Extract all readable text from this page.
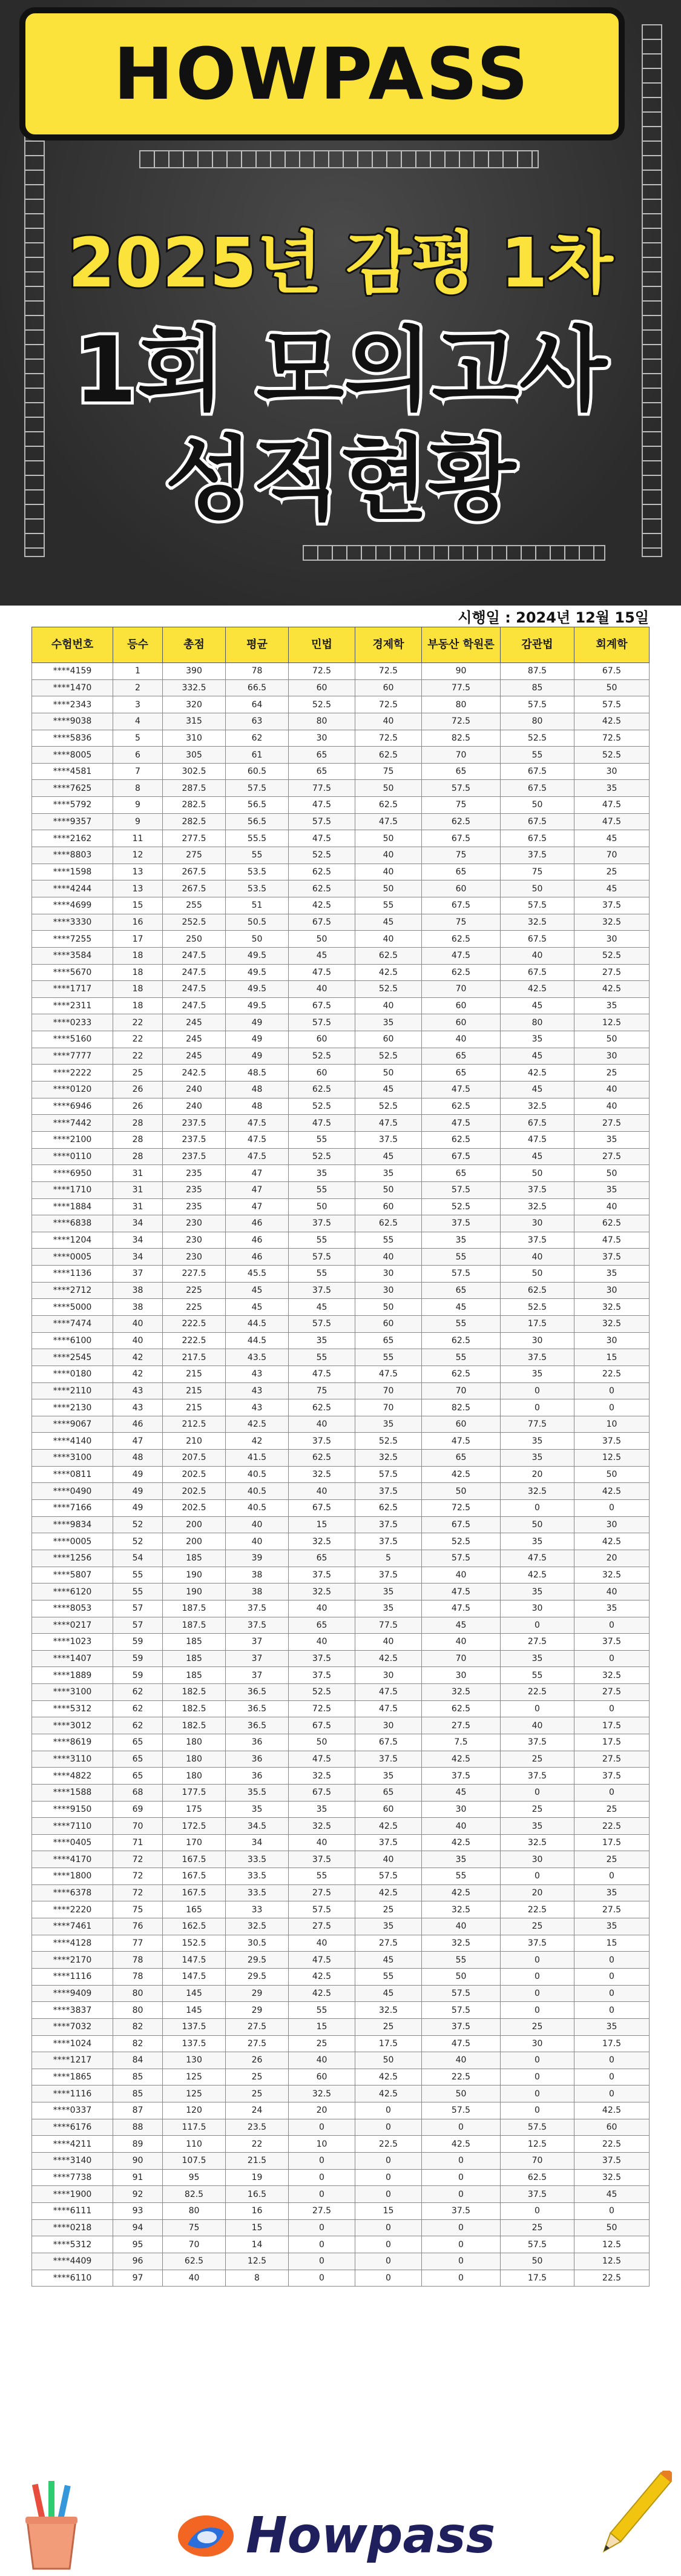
HOWPASS
2025년 감평 1차
1회 모의고사
성적현황
시행일 : 2024년 12월 15일
수험번호	등수	총점	평균	민법	경제학	부동산 학원론	감관법	회계학
****4159	1	390	78	72.5	72.5	90	87.5	67.5
****1470	2	332.5	66.5	60	60	77.5	85	50
****2343	3	320	64	52.5	72.5	80	57.5	57.5
****9038	4	315	63	80	40	72.5	80	42.5
****5836	5	310	62	30	72.5	82.5	52.5	72.5
****8005	6	305	61	65	62.5	70	55	52.5
****4581	7	302.5	60.5	65	75	65	67.5	30
****7625	8	287.5	57.5	77.5	50	57.5	67.5	35
****5792	9	282.5	56.5	47.5	62.5	75	50	47.5
****9357	9	282.5	56.5	57.5	47.5	62.5	67.5	47.5
****2162	11	277.5	55.5	47.5	50	67.5	67.5	45
****8803	12	275	55	52.5	40	75	37.5	70
****1598	13	267.5	53.5	62.5	40	65	75	25
****4244	13	267.5	53.5	62.5	50	60	50	45
****4699	15	255	51	42.5	55	67.5	57.5	37.5
****3330	16	252.5	50.5	67.5	45	75	32.5	32.5
****7255	17	250	50	50	40	62.5	67.5	30
****3584	18	247.5	49.5	45	62.5	47.5	40	52.5
****5670	18	247.5	49.5	47.5	42.5	62.5	67.5	27.5
****1717	18	247.5	49.5	40	52.5	70	42.5	42.5
****2311	18	247.5	49.5	67.5	40	60	45	35
****0233	22	245	49	57.5	35	60	80	12.5
****5160	22	245	49	60	60	40	35	50
****7777	22	245	49	52.5	52.5	65	45	30
****2222	25	242.5	48.5	60	50	65	42.5	25
****0120	26	240	48	62.5	45	47.5	45	40
****6946	26	240	48	52.5	52.5	62.5	32.5	40
****7442	28	237.5	47.5	47.5	47.5	47.5	67.5	27.5
****2100	28	237.5	47.5	55	37.5	62.5	47.5	35
****0110	28	237.5	47.5	52.5	45	67.5	45	27.5
****6950	31	235	47	35	35	65	50	50
****1710	31	235	47	55	50	57.5	37.5	35
****1884	31	235	47	50	60	52.5	32.5	40
****6838	34	230	46	37.5	62.5	37.5	30	62.5
****1204	34	230	46	55	55	35	37.5	47.5
****0005	34	230	46	57.5	40	55	40	37.5
****1136	37	227.5	45.5	55	30	57.5	50	35
****2712	38	225	45	37.5	30	65	62.5	30
****5000	38	225	45	45	50	45	52.5	32.5
****7474	40	222.5	44.5	57.5	60	55	17.5	32.5
****6100	40	222.5	44.5	35	65	62.5	30	30
****2545	42	217.5	43.5	55	55	55	37.5	15
****0180	42	215	43	47.5	47.5	62.5	35	22.5
****2110	43	215	43	75	70	70	0	0
****2130	43	215	43	62.5	70	82.5	0	0
****9067	46	212.5	42.5	40	35	60	77.5	10
****4140	47	210	42	37.5	52.5	47.5	35	37.5
****3100	48	207.5	41.5	62.5	32.5	65	35	12.5
****0811	49	202.5	40.5	32.5	57.5	42.5	20	50
****0490	49	202.5	40.5	40	37.5	50	32.5	42.5
****7166	49	202.5	40.5	67.5	62.5	72.5	0	0
****9834	52	200	40	15	37.5	67.5	50	30
****0005	52	200	40	32.5	37.5	52.5	35	42.5
****1256	54	185	39	65	5	57.5	47.5	20
****5807	55	190	38	37.5	37.5	40	42.5	32.5
****6120	55	190	38	32.5	35	47.5	35	40
****8053	57	187.5	37.5	40	35	47.5	30	35
****0217	57	187.5	37.5	65	77.5	45	0	0
****1023	59	185	37	40	40	40	27.5	37.5
****1407	59	185	37	37.5	42.5	70	35	0
****1889	59	185	37	37.5	30	30	55	32.5
****3100	62	182.5	36.5	52.5	47.5	32.5	22.5	27.5
****5312	62	182.5	36.5	72.5	47.5	62.5	0	0
****3012	62	182.5	36.5	67.5	30	27.5	40	17.5
****8619	65	180	36	50	67.5	7.5	37.5	17.5
****3110	65	180	36	47.5	37.5	42.5	25	27.5
****4822	65	180	36	32.5	35	37.5	37.5	37.5
****1588	68	177.5	35.5	67.5	65	45	0	0
****9150	69	175	35	35	60	30	25	25
****7110	70	172.5	34.5	32.5	42.5	40	35	22.5
****0405	71	170	34	40	37.5	42.5	32.5	17.5
****4170	72	167.5	33.5	37.5	40	35	30	25
****1800	72	167.5	33.5	55	57.5	55	0	0
****6378	72	167.5	33.5	27.5	42.5	42.5	20	35
****2220	75	165	33	57.5	25	32.5	22.5	27.5
****7461	76	162.5	32.5	27.5	35	40	25	35
****4128	77	152.5	30.5	40	27.5	32.5	37.5	15
****2170	78	147.5	29.5	47.5	45	55	0	0
****1116	78	147.5	29.5	42.5	55	50	0	0
****9409	80	145	29	42.5	45	57.5	0	0
****3837	80	145	29	55	32.5	57.5	0	0
****7032	82	137.5	27.5	15	25	37.5	25	35
****1024	82	137.5	27.5	25	17.5	47.5	30	17.5
****1217	84	130	26	40	50	40	0	0
****1865	85	125	25	60	42.5	22.5	0	0
****1116	85	125	25	32.5	42.5	50	0	0
****0337	87	120	24	20	0	57.5	0	42.5
****6176	88	117.5	23.5	0	0	0	57.5	60
****4211	89	110	22	10	22.5	42.5	12.5	22.5
****3140	90	107.5	21.5	0	0	0	70	37.5
****7738	91	95	19	0	0	0	62.5	32.5
****1900	92	82.5	16.5	0	0	0	37.5	45
****6111	93	80	16	27.5	15	37.5	0	0
****0218	94	75	15	0	0	0	25	50
****5312	95	70	14	0	0	0	57.5	12.5
****4409	96	62.5	12.5	0	0	0	50	12.5
****6110	97	40	8	0	0	0	17.5	22.5
Howpass
